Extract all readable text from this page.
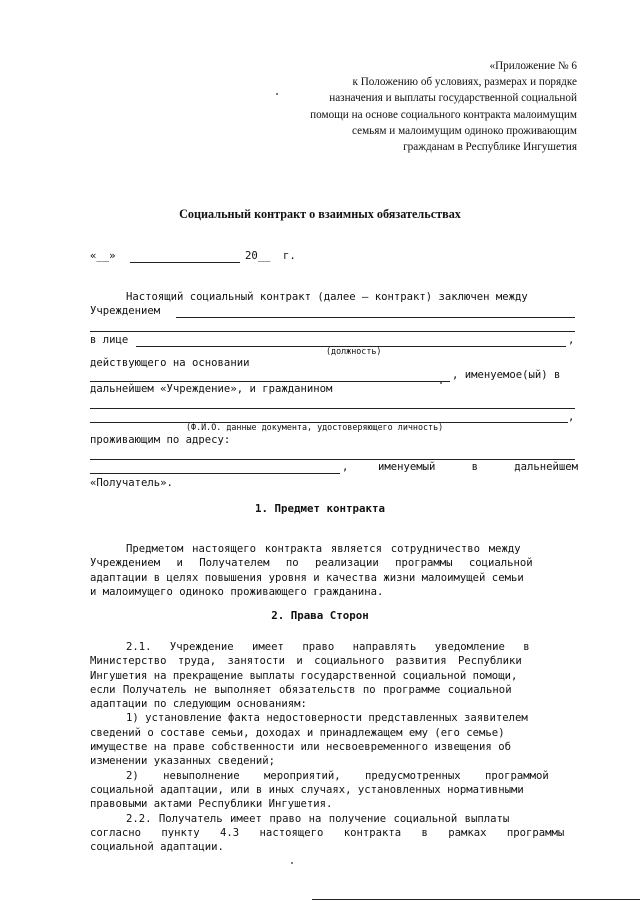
«Приложение № 6
к Положению об условиях, размерах и порядке
назначения и выплаты государственной социальной
помощи на основе социального контракта малоимущим
семьям и малоимущим одиноко проживающим
гражданам в Республике Ингушетия
Социальный контракт о взаимных обязательствах
«__»	20__ г.
Настоящий социальный контракт (далее – контракт) заключен между
Учреждением
в лице	,
(должность)
действующего на основании
, именуемое(ый) в
дальнейшем «Учреждение», и гражданином
,
(Ф.И.О. данные документа, удостоверяющего личность)
проживающим по адресу:
,	именуемый	в	дальнейшем
«Получатель».
1. Предмет контракта
Предметом настоящего контракта является сотрудничество между
Учреждением и Получателем по реализации программы социальной
адаптации в целях повышения уровня и качества жизни малоимущей семьи
и малоимущего одиноко проживающего гражданина.
2. Права Сторон
2.1. Учреждение имеет право направлять уведомление в
Министерство труда, занятости и социального развития Республики
Ингушетия на прекращение выплаты государственной социальной помощи,
если Получатель не выполняет обязательств по программе социальной
адаптации по следующим основаниям:
1) установление факта недостоверности представленных заявителем
сведений о составе семьи, доходах и принадлежащем ему (его семье)
имуществе на праве собственности или несвоевременного извещения об
изменении указанных сведений;
2) невыполнение мероприятий, предусмотренных программой
социальной адаптации, или в иных случаях, установленных нормативными
правовыми актами Республики Ингушетия.
2.2. Получатель имеет право на получение социальной выплаты
согласно пункту 4.3 настоящего контракта в рамках программы
социальной адаптации.
